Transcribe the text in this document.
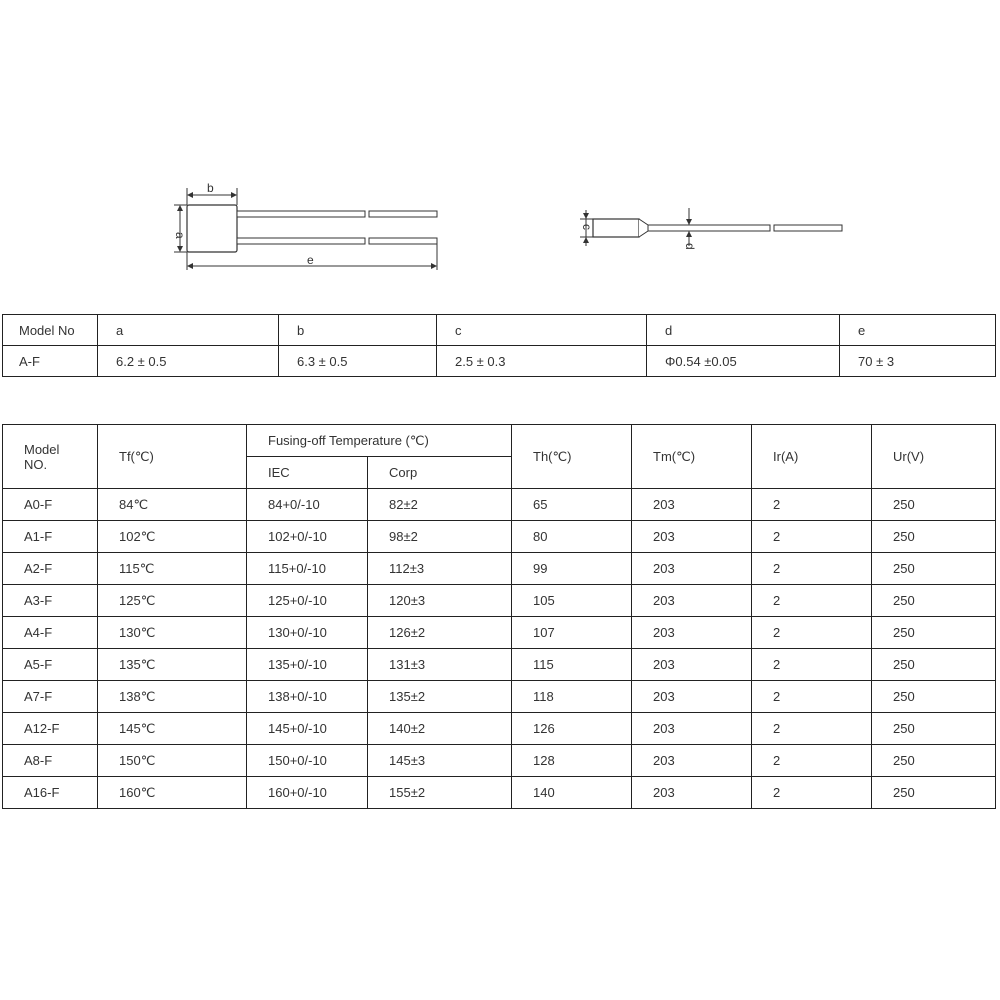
b
a
e
c
d
Model No	a	b	c	d	e
A-F	6.2 ± 0.5	6.3 ± 0.5	2.5 ± 0.3	Φ0.54 ±0.05	70 ± 3
Model
NO.	Tf(℃)	Fusing-off Temperature (℃)		Th(℃)	Tm(℃)	Ir(A)	Ur(V)
		IEC	Corp				
A0-F	84℃	84+0/-10	82±2	65	203	2	250
A1-F	102℃	102+0/-10	98±2	80	203	2	250
A2-F	115℃	115+0/-10	112±3	99	203	2	250
A3-F	125℃	125+0/-10	120±3	105	203	2	250
A4-F	130℃	130+0/-10	126±2	107	203	2	250
A5-F	135℃	135+0/-10	131±3	115	203	2	250
A7-F	138℃	138+0/-10	135±2	118	203	2	250
A12-F	145℃	145+0/-10	140±2	126	203	2	250
A8-F	150℃	150+0/-10	145±3	128	203	2	250
A16-F	160℃	160+0/-10	155±2	140	203	2	250
